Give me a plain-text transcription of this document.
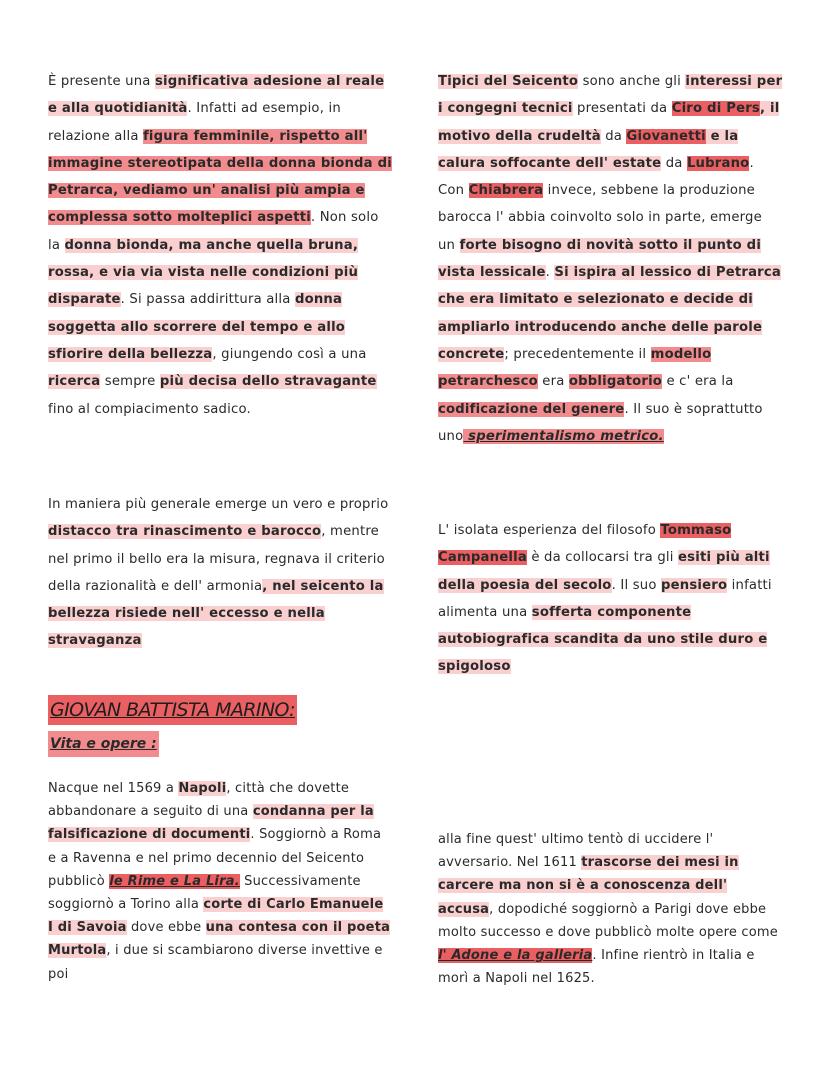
È presente una significativa adesione al reale e alla quotidianità. Infatti ad esempio, in relazione alla figura femminile, rispetto all' immagine stereotipata della donna bionda di Petrarca, vediamo un' analisi più ampia e complessa sotto molteplici aspetti. Non solo la donna bionda, ma anche quella bruna, rossa, e via via vista nelle condizioni più disparate. Si passa addirittura alla donna soggetta allo scorrere del tempo e allo sfiorire della bellezza, giungendo così a una ricerca sempre più decisa dello stravagante fino al compiacimento sadico.

In maniera più generale emerge un vero e proprio distacco tra rinascimento e barocco, mentre nel primo il bello era la misura, regnava il criterio della razionalità e dell' armonia, nel seicento la bellezza risiede nell' eccesso e nella stravaganza

Tipici del Seicento sono anche gli interessi per i congegni tecnici presentati da Ciro di Pers, il motivo della crudeltà da Giovanetti e la calura soffocante dell' estate da Lubrano. Con Chiabrera invece, sebbene la produzione barocca l' abbia coinvolto solo in parte, emerge un forte bisogno di novità sotto il punto di vista lessicale. Si ispira al lessico di Petrarca che era limitato e selezionato e decide di ampliarlo introducendo anche delle parole concrete; precedentemente il modello petrarchesco era obbligatorio e c' era la codificazione del genere. Il suo è soprattutto uno sperimentalismo metrico.

L' isolata esperienza del filosofo Tommaso Campanella è da collocarsi tra gli esiti più alti della poesia del secolo. Il suo pensiero infatti alimenta una sofferta componente autobiografica scandita da uno stile duro e spigoloso

GIOVAN BATTISTA MARINO:
Vita e opere :

Nacque nel 1569 a Napoli, città che dovette abbandonare a seguito di una condanna per la falsificazione di documenti. Soggiornò a Roma e a Ravenna e nel primo decennio del Seicento pubblicò le Rime e La Lira. Successivamente soggiornò a Torino alla corte di Carlo Emanuele I di Savoia dove ebbe una contesa con il poeta Murtola, i due si scambiarono diverse invettive e poi

alla fine quest' ultimo tentò di uccidere l' avversario. Nel 1611 trascorse dei mesi in carcere ma non si è a conoscenza dell' accusa, dopodiché soggiornò a Parigi dove ebbe molto successo e dove pubblicò molte opere come l' Adone e la galleria. Infine rientrò in Italia e morì a Napoli nel 1625.
